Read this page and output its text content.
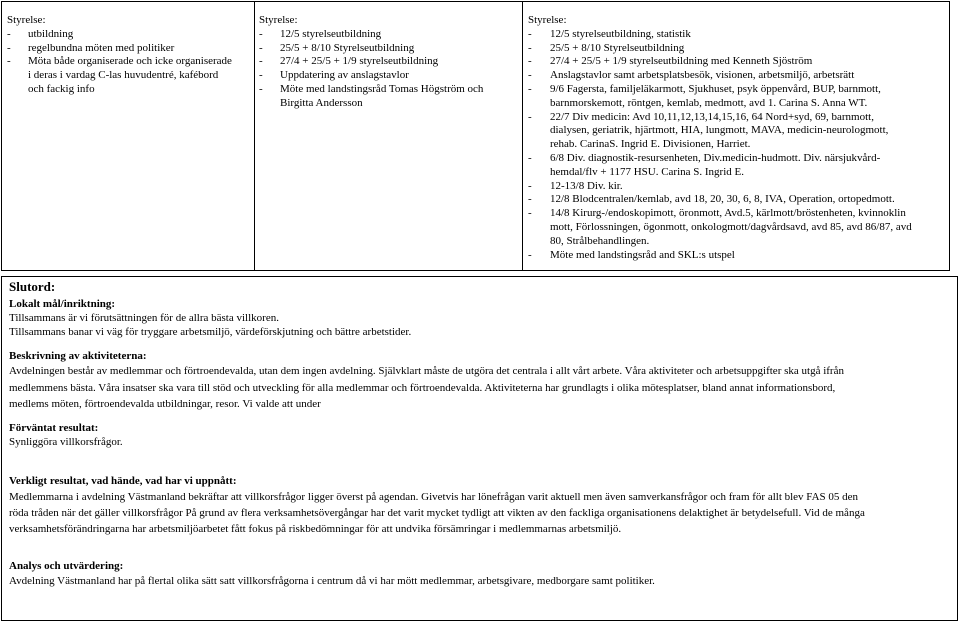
Styrelse:
-	utbildning
-	regelbundna möten med politiker
-	Möta både organiserade och icke organiserade
i deras i vardag C-las huvudentré, kafébord
och fackig info
Styrelse:
-	12/5 styrelseutbildning
-	25/5 + 8/10 Styrelseutbildning
-	27/4 + 25/5 + 1/9 styrelseutbildning
-	Uppdatering av anslagstavlor
-	Möte med landstingsråd Tomas Högström och
Birgitta Andersson
Styrelse:
-	12/5 styrelseutbildning, statistik
-	25/5 + 8/10 Styrelseutbildning
-	27/4 + 25/5 + 1/9 styrelseutbildning med Kenneth Sjöström
-	Anslagstavlor samt arbetsplatsbesök, visionen, arbetsmiljö, arbetsrätt
-	9/6 Fagersta, familjeläkarmott, Sjukhuset, psyk öppenvård, BUP, barnmott,
barnmorskemott, röntgen, kemlab, medmott, avd 1. Carina S. Anna WT.
-	22/7 Div medicin: Avd 10,11,12,13,14,15,16, 64 Nord+syd, 69, barnmott,
dialysen, geriatrik, hjärtmott, HIA, lungmott, MAVA, medicin-neurologmott,
rehab. CarinaS. Ingrid E. Divisionen, Harriet.
-	6/8 Div. diagnostik-resursenheten, Div.medicin-hudmott. Div. närsjukvård-
hemdal/flv + 1177 HSU. Carina S. Ingrid E.
-	12-13/8 Div. kir.
-	12/8 Blodcentralen/kemlab, avd 18, 20, 30, 6, 8, IVA, Operation, ortopedmott.
-	14/8 Kirurg-/endoskopimott, öronmott, Avd.5, kärlmott/bröstenheten, kvinnoklin
mott, Förlossningen, ögonmott, onkologmott/dagvårdsavd, avd 85, avd 86/87, avd
80, Strålbehandlingen.
-	Möte med landstingsråd and SKL:s utspel
Slutord:
Lokalt mål/inriktning:
Tillsammans är vi förutsättningen för de allra bästa villkoren.
Tillsammans banar vi väg för tryggare arbetsmiljö, värdeförskjutning och bättre arbetstider.
Beskrivning av aktiviteterna:
Avdelningen består av medlemmar och förtroendevalda, utan dem ingen avdelning. Självklart måste de utgöra det centrala i allt vårt arbete. Våra aktiviteter och arbetsuppgifter ska utgå ifrån
medlemmens bästa. Våra insatser ska vara till stöd och utveckling för alla medlemmar och förtroendevalda. Aktiviteterna har grundlagts i olika mötesplatser, bland annat informationsbord,
medlems möten, förtroendevalda utbildningar, resor. Vi valde att under
Förväntat resultat:
Synliggöra villkorsfrågor.
Verkligt resultat, vad hände, vad har vi uppnått:
Medlemmarna i avdelning Västmanland bekräftar att villkorsfrågor ligger överst på agendan. Givetvis har lönefrågan varit aktuell men även samverkansfrågor och fram för allt blev FAS 05 den
röda tråden när det gäller villkorsfrågor På grund av flera verksamhetsövergångar har det varit mycket tydligt att vikten av den fackliga organisationens delaktighet är betydelsefull. Vid de många
verksamhetsförändringarna har arbetsmiljöarbetet fått fokus på riskbedömningar för att undvika försämringar i medlemmarnas arbetsmiljö.
Analys och utvärdering:
Avdelning Västmanland har på flertal olika sätt satt villkorsfrågorna i centrum då vi har mött medlemmar, arbetsgivare, medborgare samt politiker.
